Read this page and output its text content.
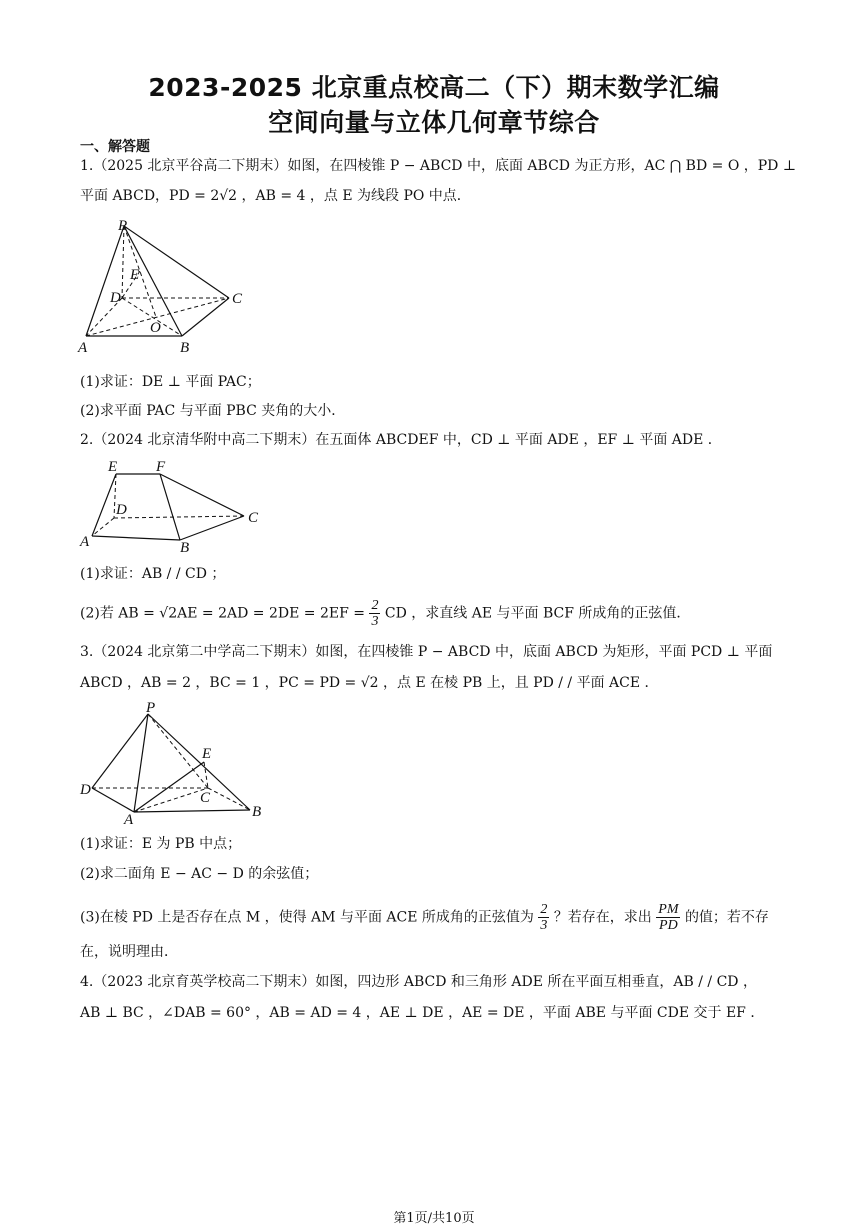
2023-2025 北京重点校高二（下）期末数学汇编
空间向量与立体几何章节综合
一、解答题
1.（2025 北京平谷高二下期末）如图，在四棱锥 P − ABCD 中，底面 ABCD 为正方形，AC ⋂ BD = O ，PD ⊥
平面 ABCD，PD = 2√2 ，AB = 4 ，点 E 为线段 PO 中点．
P
E
D	C
O
A	B
(1)求证：DE ⊥ 平面 PAC；
(2)求平面 PAC 与平面 PBC 夹角的大小．
2.（2024 北京清华附中高二下期末）在五面体 ABCDEF 中，CD ⊥ 平面 ADE ，EF ⊥ 平面 ADE ．
E	F
D	C
A	B
(1)求证：AB / / CD ；
(2)若 AB = $√2AE = 2AD = 2DE = 2EF = \frac{2}{3}$ CD ，求直线 AE 与平面 BCF 所成角的正弦值．
3.（2024 北京第二中学高二下期末）如图，在四棱锥 P − ABCD 中，底面 ABCD 为矩形，平面 PCD ⊥ 平面
ABCD ，AB = 2 ，BC = 1 ，PC = PD = √2 ，点 E 在棱 PB 上，且 PD / / 平面 ACE ．
P
E
D	C
A	B
(1)求证：E 为 PB 中点；
(2)求二面角 E − AC − D 的余弦值；
(3)在棱 PD 上是否存在点 M ，使得 AM 与平面 ACE 所成角的正弦值为 $\frac{2}{3}$ ？若存在，求出 $\frac{PM}{PD}$ 的值；若不存
在，说明理由．
4.（2023 北京育英学校高二下期末）如图，四边形 ABCD 和三角形 ADE 所在平面互相垂直，AB / / CD ，
AB ⊥ BC ，∠DAB = 60° ，AB = AD = 4 ，AE ⊥ DE ，AE = DE ，平面 ABE 与平面 CDE 交于 EF ．
第1页/共10页
